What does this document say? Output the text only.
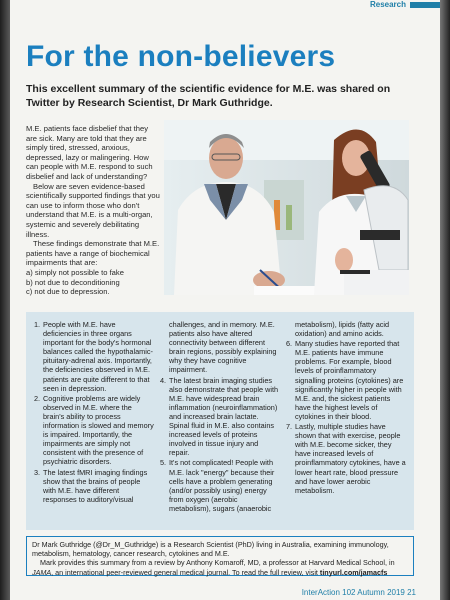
Research
For the non-believers
This excellent summary of the scientific evidence for M.E. was shared on Twitter by Research Scientist, Dr Mark Guthridge.

M.E. patients face disbelief that they are sick. Many are told that they are simply tired, stressed, anxious, depressed, lazy or malingering. How can people with M.E. respond to such disbelief and lack of understanding?

Below are seven evidence-based scientifically supported findings that you can use to inform those who don't understand that M.E. is a multi-organ, systemic and severely debilitating illness.

These findings demonstrate that M.E. patients have a range of biochemical impairments that are:

a) simply not possible to fake

b) not due to deconditioning

c) not due to depression.

1. People with M.E. have deficiencies in three organs important for the body's hormonal balances called the hypothalamic-pituitary-adrenal axis. Importantly, the deficiencies observed in M.E. patients are quite different to that seen in depression.
2. Cognitive problems are widely observed in M.E. where the brain's ability to process information is slowed and memory is impaired. Importantly, the impairments are simply not consistent with the presence of psychiatric disorders.
3. The latest fMRI imaging findings show that the brains of people with M.E. have different responses to auditory/visual
challenges, and in memory. M.E. patients also have altered connectivity between different brain regions, possibly explaining why they have cognitive impairment.
4. The latest brain imaging studies also demonstrate that people with M.E. have widespread brain inflammation (neuroinflammation) and increased brain lactate. Spinal fluid in M.E. also contains increased levels of proteins involved in tissue injury and repair.
5. It's not complicated! People with M.E. lack "energy" because their cells have a problem generating (and/or possibly using) energy from oxygen (aerobic metabolism), sugars (anaerobic
metabolism), lipids (fatty acid oxidation) and amino acids.
6. Many studies have reported that M.E. patients have immune problems. For example, blood levels of proinflammatory signalling proteins (cytokines) are significantly higher in people with M.E. and, the sickest patients have the highest levels of cytokines in their blood.
7. Lastly, multiple studies have shown that with exercise, people with M.E. become sicker, they have increased levels of proinflammatory cytokines, have a lower heart rate, blood pressure and have lower aerobic metabolism.

Dr Mark Guthridge (@Dr_M_Guthridge) is a Research Scientist (PhD) living in Australia, examining immunology, metabolism, hematology, cancer research, cytokines and M.E.

Mark provides this summary from a review by Anthony Komaroff, MD, a professor at Harvard Medical School, in JAMA, an international peer-reviewed general medical journal. To read the full review, visit tinyurl.com/jamacfs

InterAction 102 Autumn 2019 21
